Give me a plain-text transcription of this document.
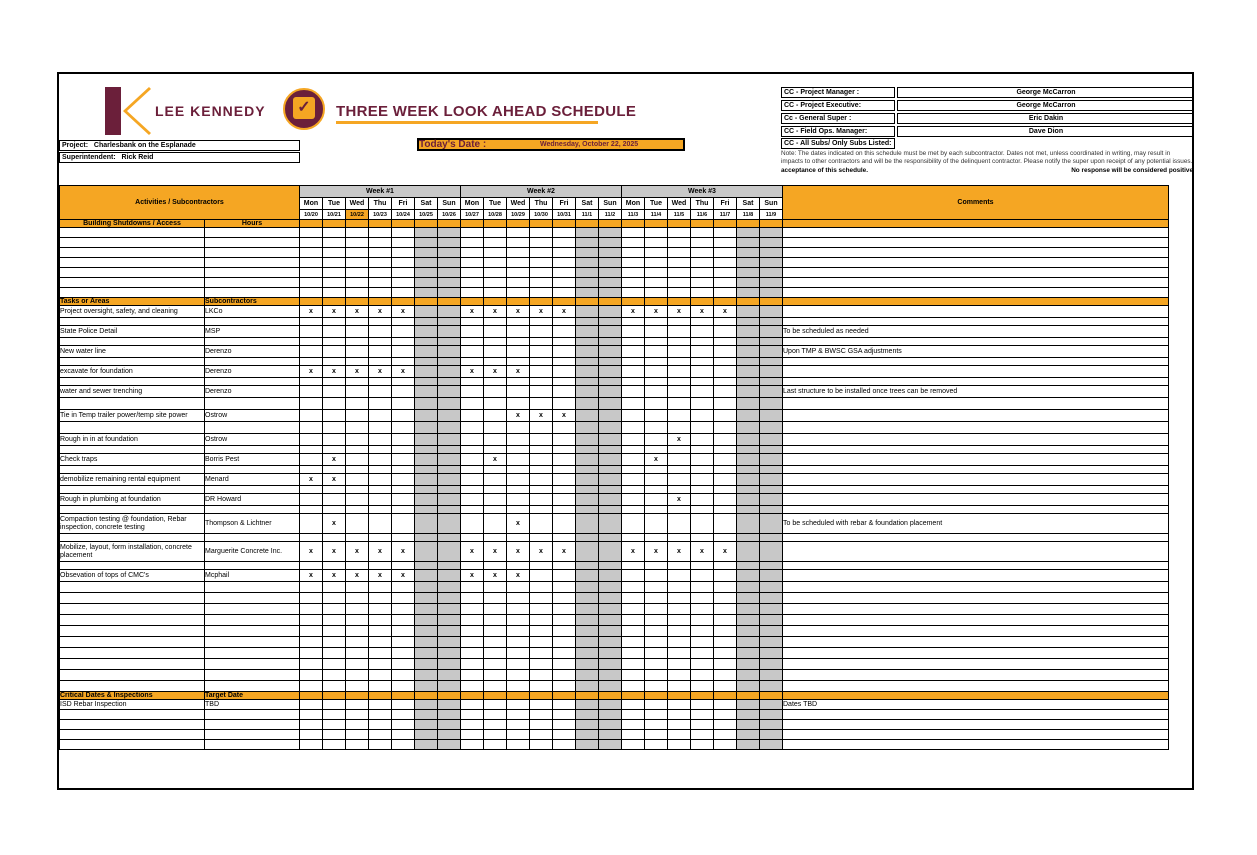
LEE KENNEDY ✓ THREE WEEK LOOK AHEAD SCHEDULE
Project: Charlesbank on the Esplanade
Superintendent: Rick Reid
Today's Date :	Wednesday, October 22, 2025
CC - Project Manager :	George McCarron
CC - Project Executive:	George McCarron
Cc - General Super :	Eric Dakin
CC - Field Ops. Manager:	Dave Dion
CC - All Subs/ Only Subs Listed:
Note: The dates indicated on this schedule must be met by each subcontractor. Dates not met, unless coordinated in writing, may result in impacts to other contractors and will be the responsibility of the delinquent contractor. Please notify the super upon receipt of any potential issues.
No response will be considered positive

acceptance of this schedule.
Activities / Subcontractors		Week #1							Week #2							Week #3							Comments
		Mon	Tue	Wed	Thu	Fri	Sat	Sun	Mon	Tue	Wed	Thu	Fri	Sat	Sun	Mon	Tue	Wed	Thu	Fri	Sat	Sun	
		10/20	10/21	10/22	10/23	10/24	10/25	10/26	10/27	10/28	10/29	10/30	10/31	11/1	11/2	11/3	11/4	11/5	11/6	11/7	11/8	11/9	
Building Shutdowns / Access	Hours																						

Tasks or Areas	Subcontractors																						
Project oversight, safety, and cleaning	LKCo	x	x	x	x	x			x	x	x	x	x			x	x	x	x	x			

State Police Detail	MSP																						To be scheduled as needed

New water line	Derenzo																						Upon TMP & BWSC GSA adjustments

excavate for foundation	Derenzo	x	x	x	x	x			x	x	x												

water and sewer trenching	Derenzo																						Last structure to be installed once trees can be removed

Tie in Temp trailer power/temp site power	Ostrow										x	x	x										

Rough in in at foundation	Ostrow																	x					

Check traps	Borris Pest		x							x							x						

demobilize remaining rental equipment	Menard	x	x																				

Rough in plumbing at foundation	DR Howard																	x					

Compaction testing @ foundation, Rebar inspection, concrete testing	Thompson & Lichtner		x								x												To be scheduled with rebar & foundation placement

Mobilize, layout, form installation, concrete placement	Marguerite Concrete Inc.	x	x	x	x	x			x	x	x	x	x			x	x	x	x	x			

Obsevation of tops of CMC's	Mcphail	x	x	x	x	x			x	x	x												

Critical Dates & Inspections	Target Date																						
ISD Rebar Inspection	TBD																						Dates TBD
